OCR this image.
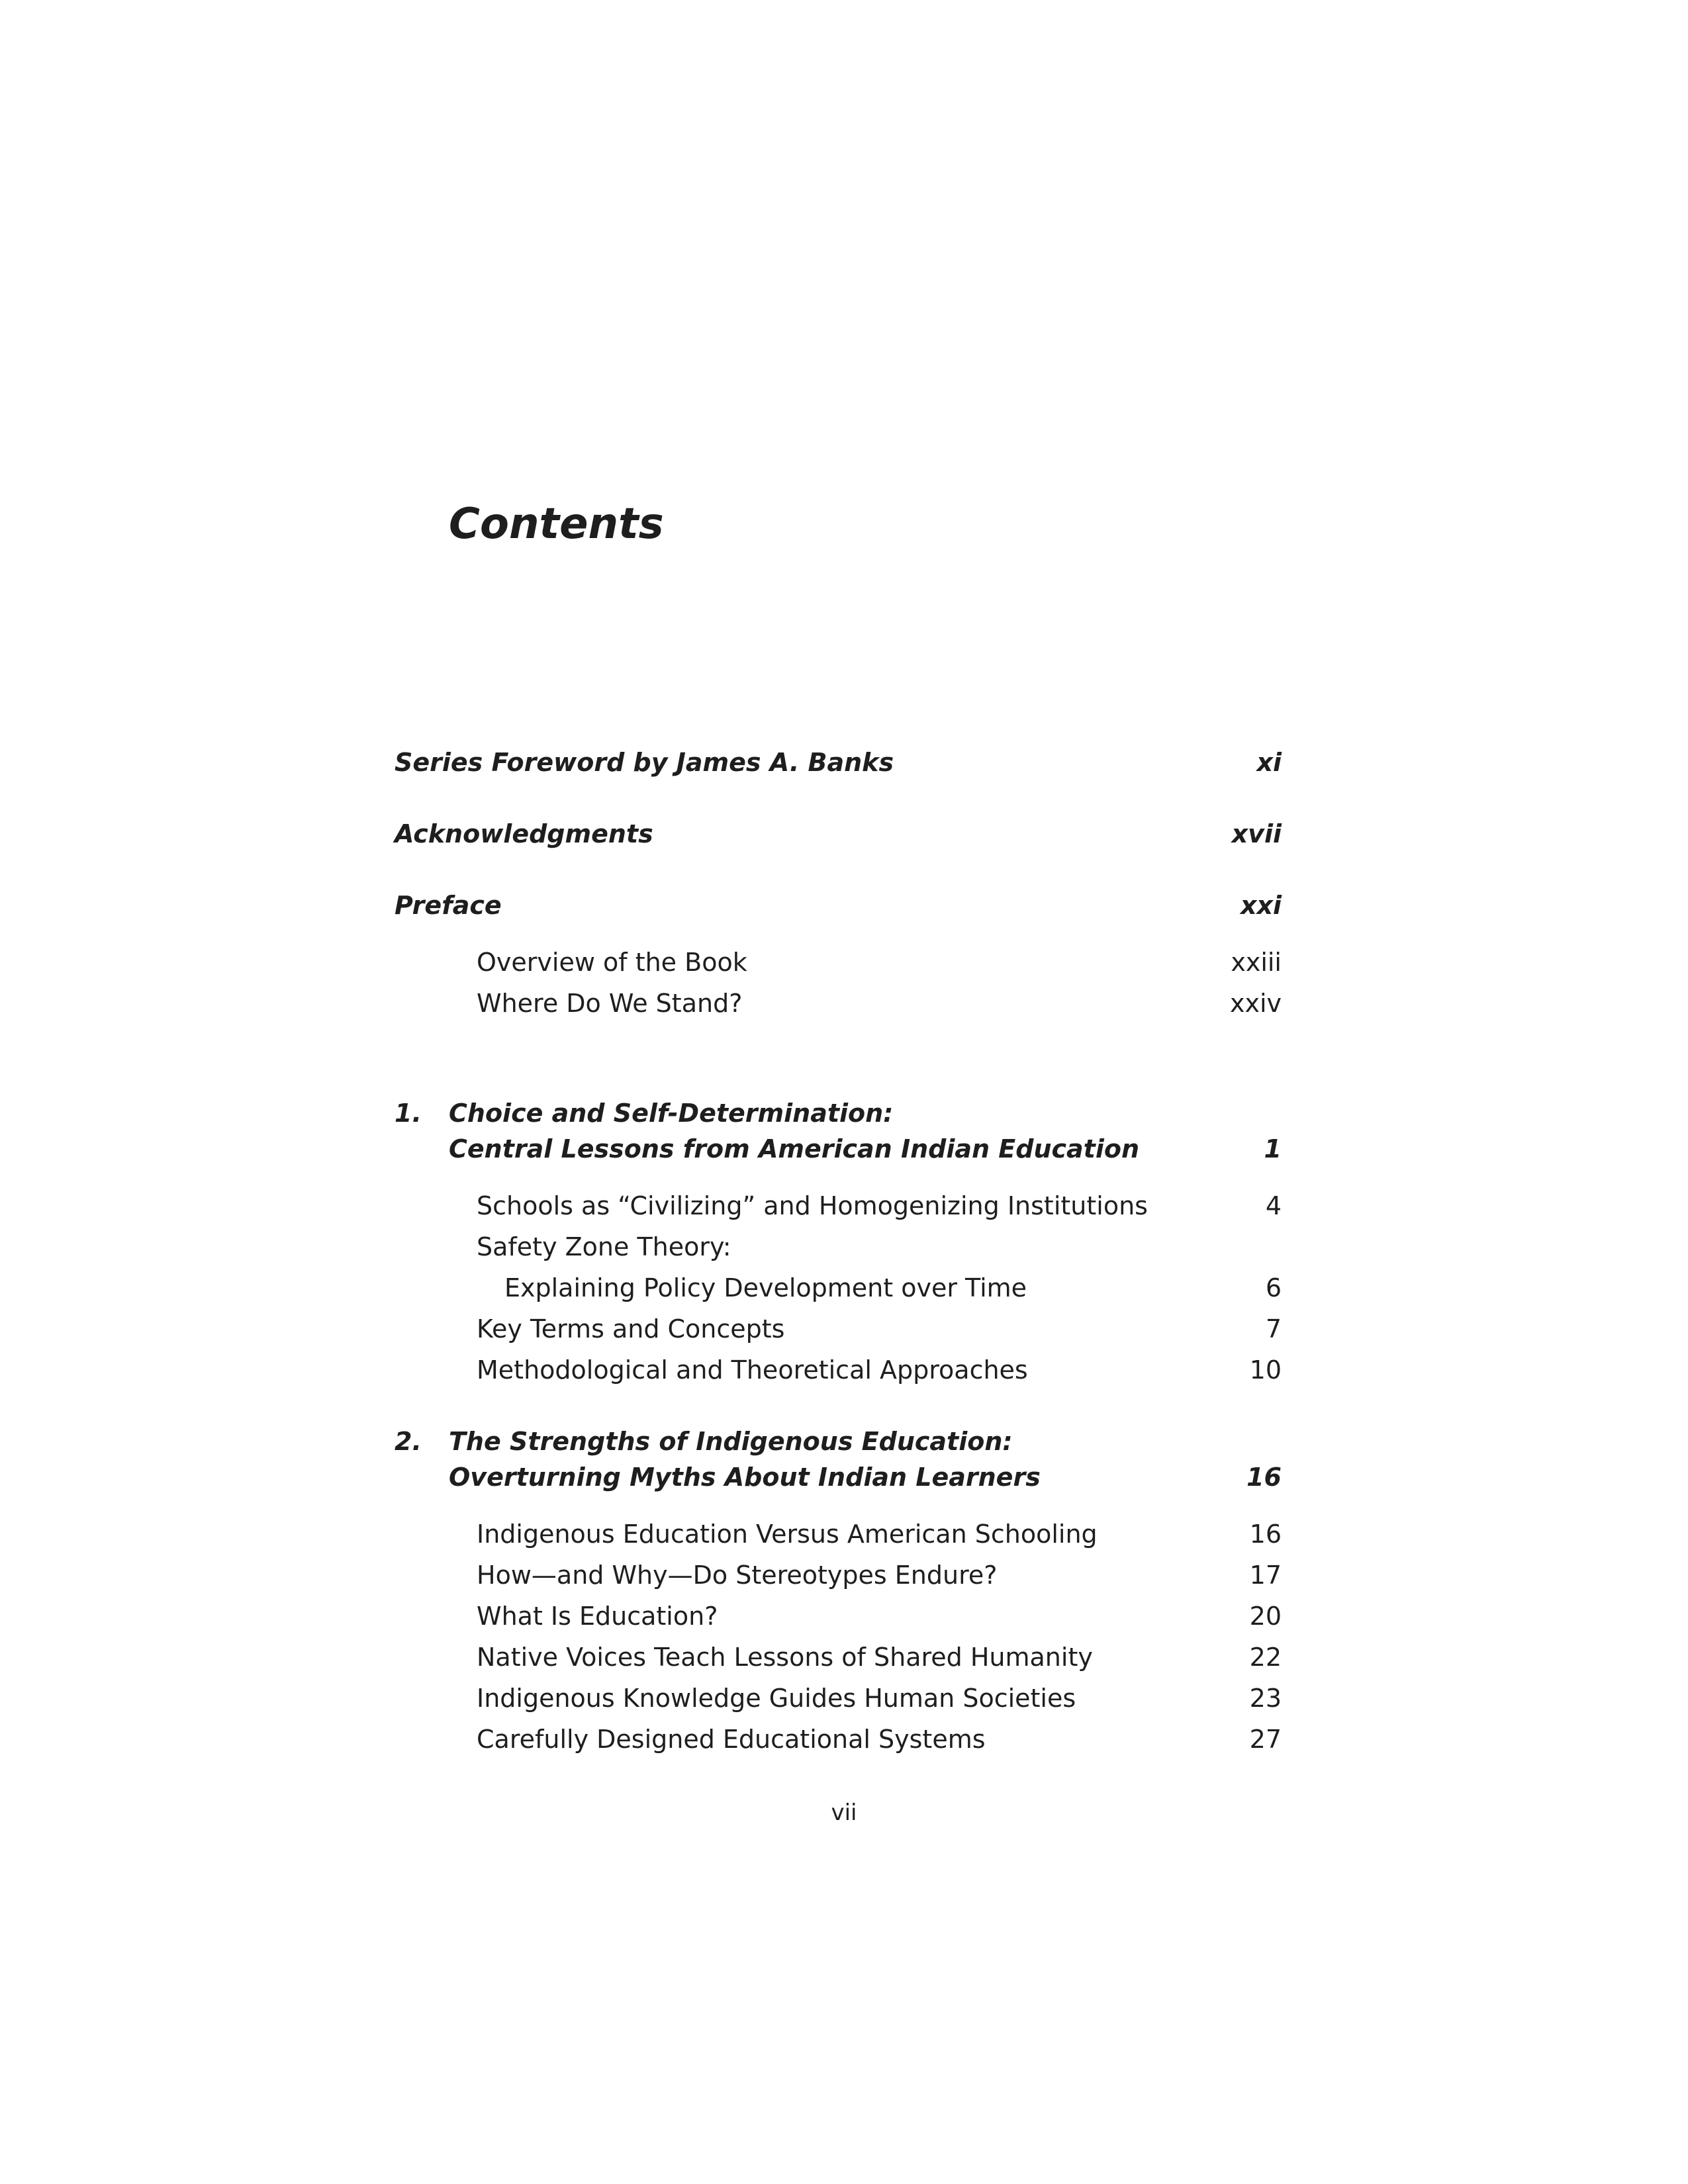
Contents
Series Foreword by James A. Banks	xi
Acknowledgments	xvii
Preface	xxi
Overview of the Book	xxiii
Where Do We Stand?	xxiv
1. Choice and Self-Determination:
Central Lessons from American Indian Education	1
Schools as “Civilizing” and Homogenizing Institutions	4
Safety Zone Theory:
Explaining Policy Development over Time	6
Key Terms and Concepts	7
Methodological and Theoretical Approaches	10
2. The Strengths of Indigenous Education:
Overturning Myths About Indian Learners	16
Indigenous Education Versus American Schooling	16
How—and Why—Do Stereotypes Endure?	17
What Is Education?	20
Native Voices Teach Lessons of Shared Humanity	22
Indigenous Knowledge Guides Human Societies	23
Carefully Designed Educational Systems	27
vii
